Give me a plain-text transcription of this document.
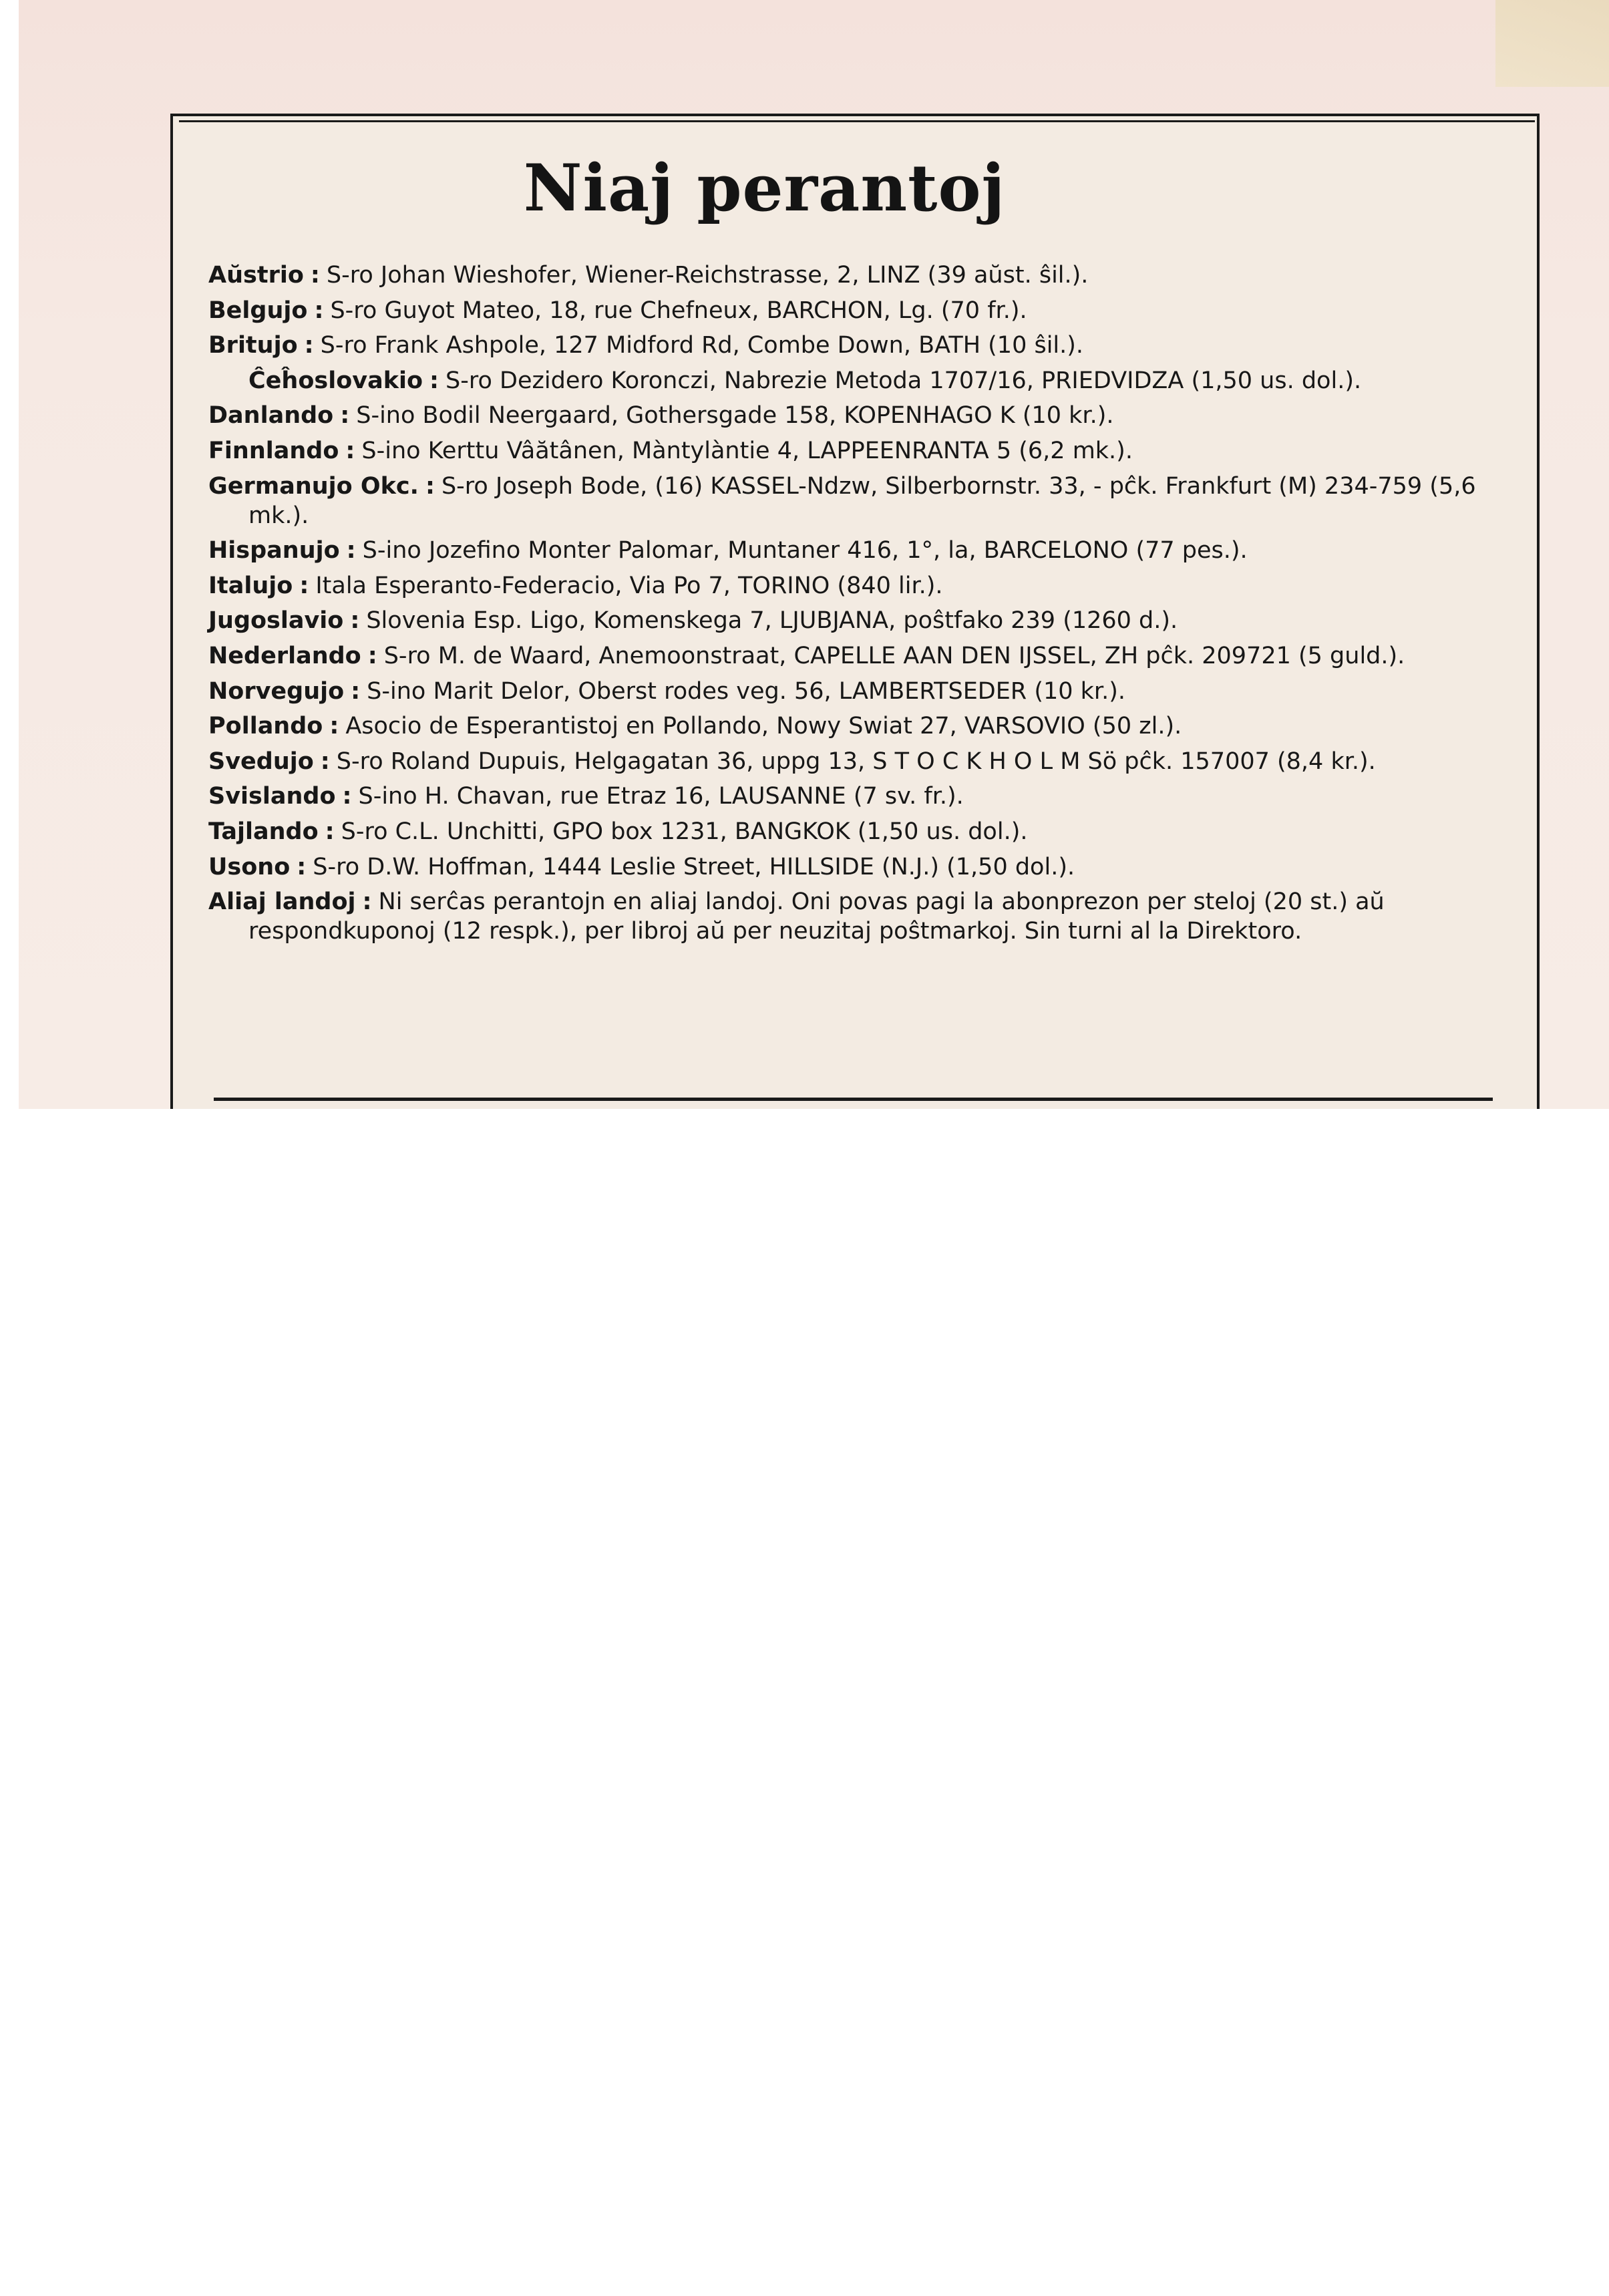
Niaj perantoj

Aŭstrio : S-ro Johan Wieshofer, Wiener-Reichstrasse, 2, LINZ (39 aŭst. ŝil.).

Belgujo : S-ro Guyot Mateo, 18, rue Chefneux, BARCHON, Lg. (70 fr.).

Britujo : S-ro Frank Ashpole, 127 Midford Rd, Combe Down, BATH (10 ŝil.).

Ĉeĥoslovakio : S-ro Dezidero Koronczi, Nabrezie Metoda 1707/16, PRIEDVIDZA (1,50 us. dol.).

Danlando : S-ino Bodil Neergaard, Gothersgade 158, KOPENHAGO K (10 kr.).

Finnlando : S-ino Kerttu Vâătânen, Màntylàntie 4, LAPPEENRANTA 5 (6,2 mk.).

Germanujo Okc. : S-ro Joseph Bode, (16) KASSEL-Ndzw, Silberbornstr. 33, - pĉk. Frankfurt (M) 234-759 (5,6 mk.).

Hispanujo : S-ino Jozefino Monter Palomar, Muntaner 416, 1°, la, BARCELONO (77 pes.).

Italujo : Itala Esperanto-Federacio, Via Po 7, TORINO (840 lir.).

Jugoslavio : Slovenia Esp. Ligo, Komenskega 7, LJUBJANA, poŝtfako 239 (1260 d.).

Nederlando : S-ro M. de Waard, Anemoonstraat, CAPELLE AAN DEN IJSSEL, ZH pĉk. 209721 (5 guld.).

Norvegujo : S-ino Marit Delor, Oberst rodes veg. 56, LAMBERTSEDER (10 kr.).

Pollando : Asocio de Esperantistoj en Pollando, Nowy Swiat 27, VARSOVIO (50 zl.).

Svedujo : S-ro Roland Dupuis, Helgagatan 36, uppg 13, S T O C K H O L M Sö pĉk. 157007 (8,4 kr.).

Svislando : S-ino H. Chavan, rue Etraz 16, LAUSANNE (7 sv. fr.).

Tajlando : S-ro C.L. Unchitti, GPO box 1231, BANGKOK (1,50 us. dol.).

Usono : S-ro D.W. Hoffman, 1444 Leslie Street, HILLSIDE (N.J.) (1,50 dol.).

Aliaj landoj : Ni serĉas perantojn en aliaj landoj. Oni povas pagi la abonprezon per steloj (20 st.) aŭ respondkuponoj (12 respk.), per libroj aŭ per neuzitaj poŝtmarkoj. Sin turni al la Direktoro.
